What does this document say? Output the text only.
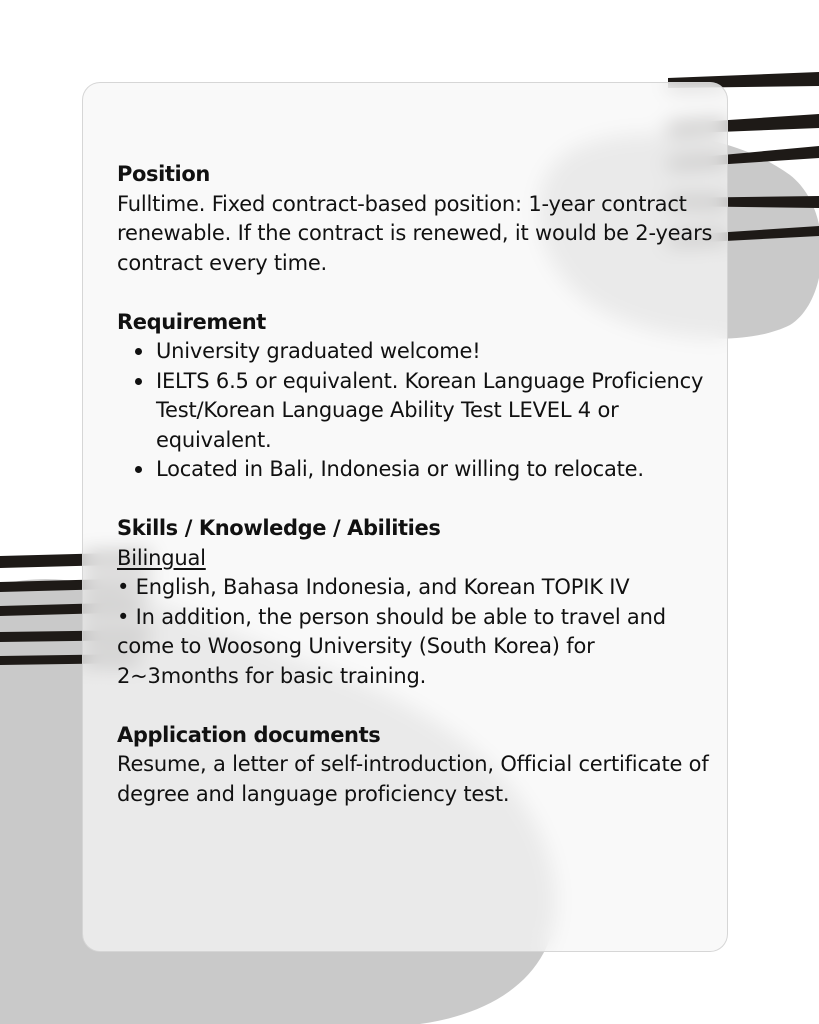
Position

Fulltime. Fixed contract-based position: 1-year contract renewable. If the contract is renewed, it would be 2-years contract every time.

Requirement
University graduated welcome!
IELTS 6.5 or equivalent. Korean Language Proficiency Test/Korean Language Ability Test LEVEL 4 or equivalent.
Located in Bali, Indonesia or willing to relocate.
Skills / Knowledge / Abilities
Bilingual
• English, Bahasa Indonesia, and Korean TOPIK IV
• In addition, the person should be able to travel and come to Woosong University (South Korea) for 2~3months for basic training.
Application documents

Resume, a letter of self-introduction, Official certificate of degree and language proficiency test.
